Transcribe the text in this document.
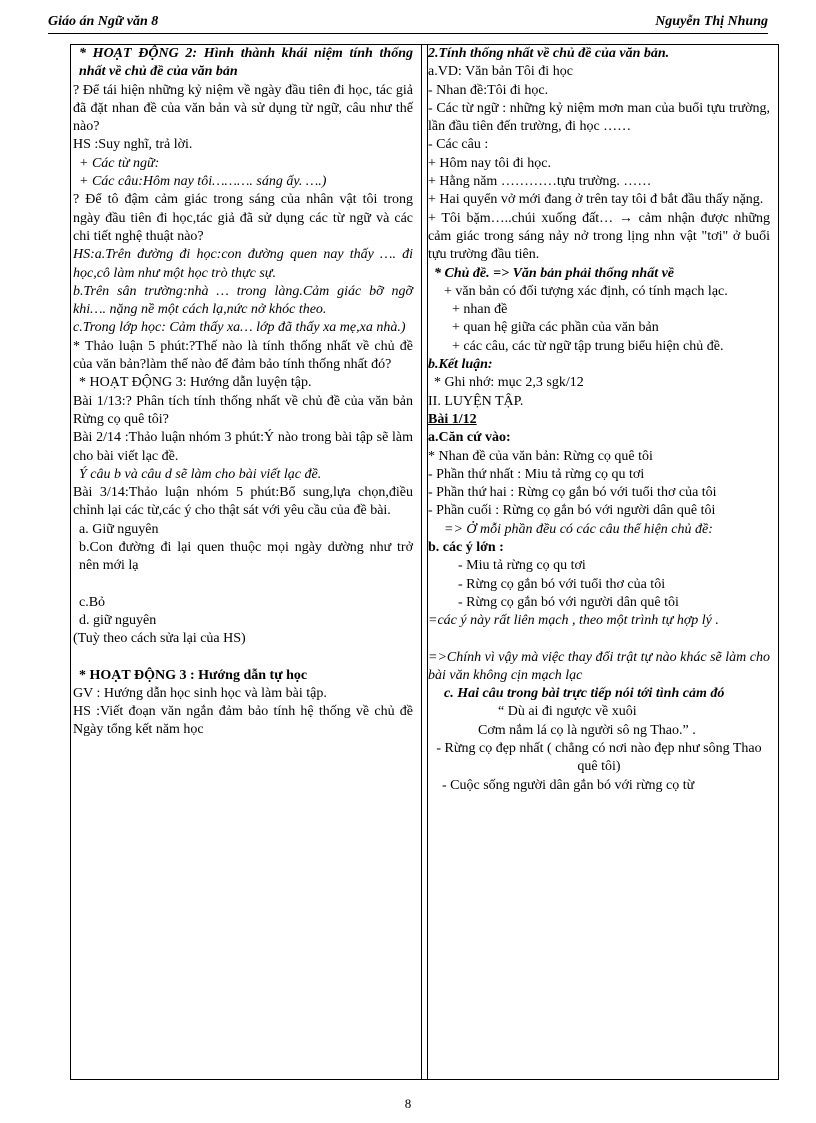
Giáo án Ngữ văn 8	Nguyễn Thị Nhung

* HOẠT ĐỘNG 2: Hình thành khái niệm tính thống nhất về chủ đề của văn bản

? Để tái hiện những kỷ niệm về ngày đầu tiên đi học, tác giả đã đặt nhan đề của văn bản và sử dụng từ ngữ, câu như thế nào?

HS :Suy nghĩ, trả lời.

+ Các từ ngữ:

+ Các câu:Hôm nay tôi………. sáng ấy. ….)

? Để tô đậm cảm giác trong sáng của nhân vật tôi trong ngày đầu tiên đi học,tác giả đã sử dụng các từ ngữ và các chi tiết nghệ thuật nào?

HS:a.Trên đường đi học:con đường quen nay thấy …. đi học,cô làm như một học trò thực sự.

b.Trên sân trường:nhà … trong làng.Cảm giác bỡ ngỡ khi…. nặng nề một cách lạ,nức nở khóc theo.

c.Trong lớp học: Cảm thấy xa… lớp đã thấy xa mẹ,xa nhà.)

* Thảo luận 5 phút:?Thế nào là tính thống nhất về chủ đề của văn bản?làm thế nào để đảm bảo tính thống nhất đó?

* HOẠT ĐỘNG 3: Hướng dẫn luyện tập.

Bài 1/13:? Phân tích tính thống nhất về chủ đề của văn bản Rừng cọ quê tôi?

Bài 2/14 :Thảo luận nhóm 3 phút:Ý nào trong bài tập sẽ làm cho bài viết lạc đề.

Ý câu b và câu d sẽ làm cho bài viết lạc đề.

Bài 3/14:Thảo luận nhóm 5 phút:Bổ sung,lựa chọn,điều chỉnh lại các từ,các ý cho thật sát với yêu cầu của đề bài.

a. Giữ nguyên

b.Con đường đi lại quen thuộc mọi ngày dường như trở nên mới lạ

c.Bỏ

d. giữ nguyên

(Tuỳ theo cách sửa lại của HS)

* HOẠT ĐỘNG 3 : Hướng dẫn tự học

GV : Hướng dẫn học sinh học và làm bài tập.

HS :Viết đoạn văn ngắn đảm bảo tính hệ thống về chủ đề Ngày tổng kết năm học

2.Tính thống nhất về chủ đề của văn bản.

a.VD: Văn bản Tôi đi học

- Nhan đề:Tôi đi học.

- Các từ ngữ : những kỷ niệm mơn man của buổi tựu trường, lần đầu tiên đến trường, đi học ……

- Các câu :

+ Hôm nay tôi đi học.

+ Hằng năm …………tựu trường. ……

+ Hai quyển vở mới đang ở trên tay tôi đ bắt đầu thấy nặng.

+ Tôi bặm…..chúi xuống đất… → cảm nhận được những cảm giác trong sáng nảy nở trong lịng nhn vật "tơi" ở buổi tựu trường đầu tiên.

* Chủ đề. => Văn bản phải thống nhất về

+ văn bản có đối tượng xác định, có tính mạch lạc.

+ nhan đề

+ quan hệ giữa các phần của văn bản

+ các câu, các từ ngữ tập trung biểu hiện chủ đề.

b.Kết luận:

* Ghi nhớ: mục 2,3 sgk/12

II. LUYỆN TẬP.

Bài 1/12

a.Căn cứ vào:

* Nhan đề của văn bản: Rừng cọ quê tôi

- Phần thứ nhất : Miu tả rừng cọ qu tơi

- Phần thứ hai : Rừng cọ gắn bó với tuổi thơ của tôi

- Phần cuối : Rừng cọ gắn bó với người dân quê tôi

=> Ở mỗi phần đều có các câu thể hiện chủ đề:

b. các ý lớn :

- Miu tả rừng cọ qu tơi

- Rừng cọ gắn bó với tuổi thơ của tôi

- Rừng cọ gắn bó với người dân quê tôi

=các ý này rất liên mạch , theo một trình tự hợp lý .

=>Chính vì vậy mà việc thay đổi trật tự nào khác sẽ làm cho bài văn không cịn mạch lạc

c. Hai câu trong bài trực tiếp nói tới tình cảm đó

“ Dù ai đi ngược về xuôi

Cơm nắm lá cọ là người sô ng Thao.” .

- Rừng cọ đẹp nhất ( chẳng có nơi nào đẹp như sông Thao quê tôi)

- Cuộc sống người dân gắn bó với rừng cọ từ

8
